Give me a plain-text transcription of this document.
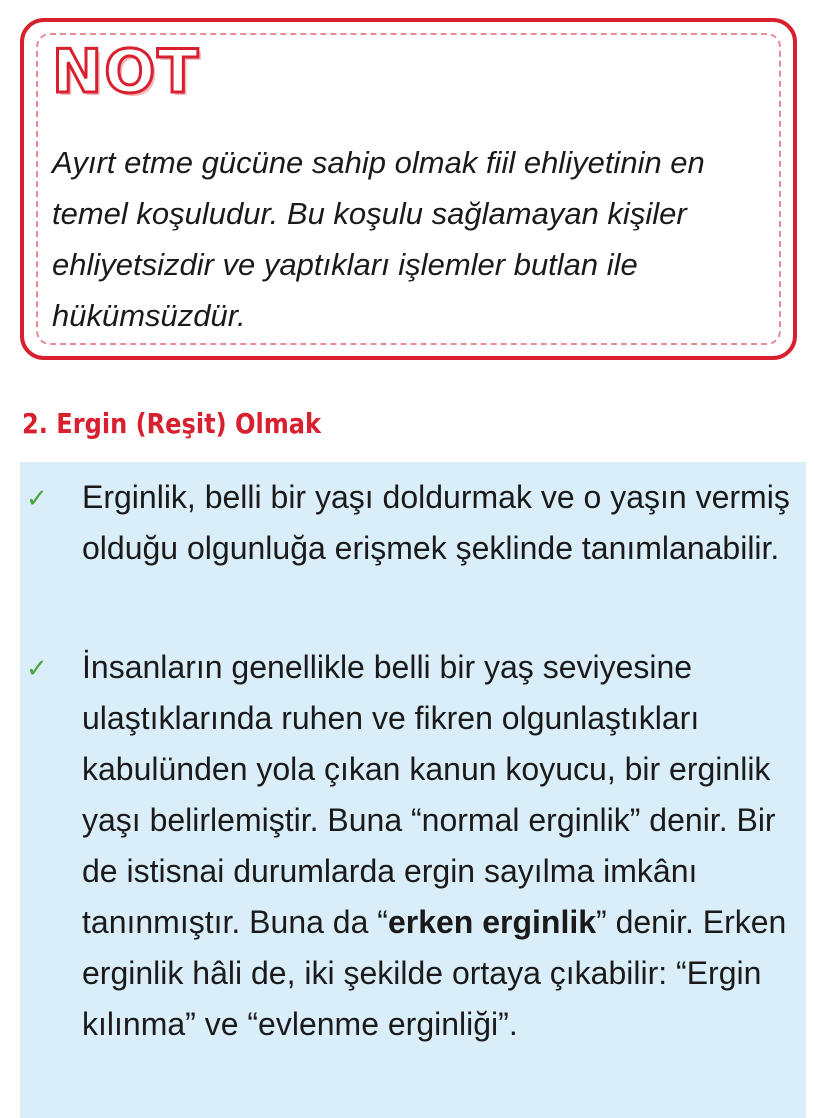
NOT

Ayırt etme gücüne sahip olmak fiil ehliyetinin en temel koşuludur. Bu koşulu sağlamayan kişiler ehliyetsizdir ve yaptıkları işlemler butlan ile hükümsüzdür.

2. Ergin (Reşit) Olmak
✓ Erginlik, belli bir yaşı doldurmak ve o yaşın vermiş olduğu olgunluğa erişmek şeklinde tanımlanabilir.

✓ İnsanların genellikle belli bir yaş seviyesine ulaştıklarında ruhen ve fikren olgunlaştıkları kabulünden yola çıkan kanun koyucu, bir erginlik yaşı belirlemiştir. Buna “normal erginlik” denir. Bir de istisnai durumlarda ergin sayılma imkânı tanınmıştır. Buna da “erken erginlik” denir. Erken erginlik hâli de, iki şekilde ortaya çıkabilir: “Ergin kılınma” ve “evlenme erginliği”.
